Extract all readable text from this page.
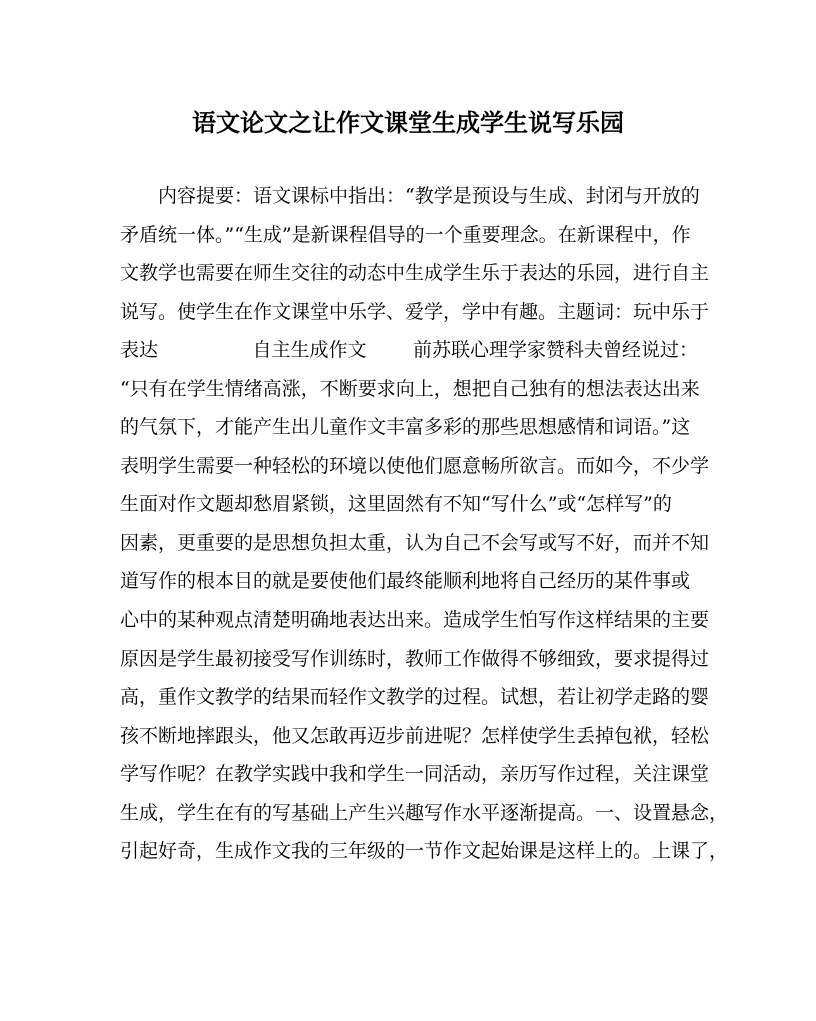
语文论文之让作文课堂生成学生说写乐园
内容提要：语文课标中指出：“教学是预设与生成、封闭与开放的
矛盾统一体。”“生成”是新课程倡导的一个重要理念。在新课程中，作
文教学也需要在师生交往的动态中生成学生乐于表达的乐园，进行自主
说写。使学生在作文课堂中乐学、爱学，学中有趣。主题词：玩中乐于
表达	自主生成作文 前苏联心理学家赞科夫曾经说过：
“只有在学生情绪高涨，不断要求向上，想把自己独有的想法表达出来
的气氛下，才能产生出儿童作文丰富多彩的那些思想感情和词语。”这
表明学生需要一种轻松的环境以使他们愿意畅所欲言。而如今，不少学
生面对作文题却愁眉紧锁，这里固然有不知“写什么”或“怎样写”的
因素，更重要的是思想负担太重，认为自己不会写或写不好，而并不知
道写作的根本目的就是要使他们最终能顺利地将自己经历的某件事或
心中的某种观点清楚明确地表达出来。造成学生怕写作这样结果的主要
原因是学生最初接受写作训练时，教师工作做得不够细致，要求提得过
高，重作文教学的结果而轻作文教学的过程。试想，若让初学走路的婴
孩不断地摔跟头，他又怎敢再迈步前进呢？怎样使学生丢掉包袱，轻松
学写作呢？在教学实践中我和学生一同活动，亲历写作过程，关注课堂
生成，学生在有的写基础上产生兴趣写作水平逐渐提高。一、设置悬念，
引起好奇，生成作文我的三年级的一节作文起始课是这样上的。上课了，
